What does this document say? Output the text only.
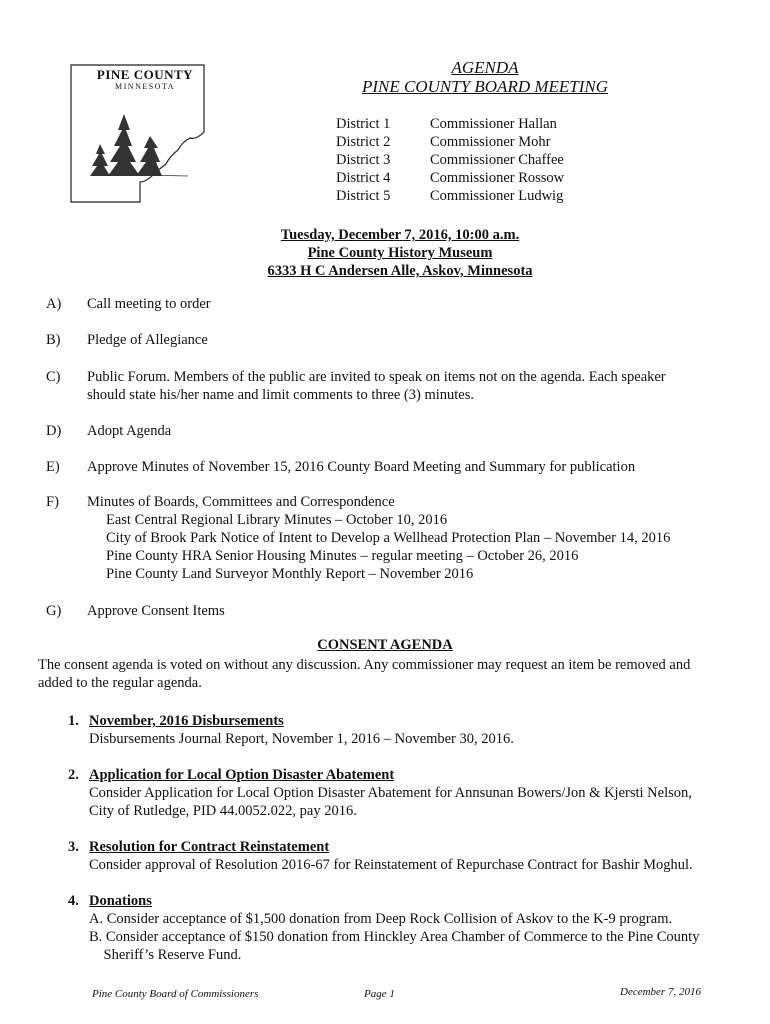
PINE COUNTY
MINNESOTA
AGENDA
PINE COUNTY BOARD MEETING
District 1	Commissioner Hallan
District 2	Commissioner Mohr
District 3	Commissioner Chaffee
District 4	Commissioner Rossow
District 5	Commissioner Ludwig
Tuesday, December 7, 2016, 10:00 a.m.
Pine County History Museum
6333 H C Andersen Alle, Askov, Minnesota
A) Call meeting to order
B) Pledge of Allegiance
C) Public Forum. Members of the public are invited to speak on items not on the agenda. Each speaker
should state his/her name and limit comments to three (3) minutes.
D) Adopt Agenda
E) Approve Minutes of November 15, 2016 County Board Meeting and Summary for publication
F) Minutes of Boards, Committees and Correspondence
East Central Regional Library Minutes – October 10, 2016
City of Brook Park Notice of Intent to Develop a Wellhead Protection Plan – November 14, 2016
Pine County HRA Senior Housing Minutes – regular meeting – October 26, 2016
Pine County Land Surveyor Monthly Report – November 2016
G) Approve Consent Items
CONSENT AGENDA
The consent agenda is voted on without any discussion. Any commissioner may request an item be removed and
added to the regular agenda.
1. November, 2016 Disbursements
Disbursements Journal Report, November 1, 2016 – November 30, 2016.
2. Application for Local Option Disaster Abatement
Consider Application for Local Option Disaster Abatement for Annsunan Bowers/Jon & Kjersti Nelson,
City of Rutledge, PID 44.0052.022, pay 2016.
3. Resolution for Contract Reinstatement
Consider approval of Resolution 2016-67 for Reinstatement of Repurchase Contract for Bashir Moghul.
4. Donations
A. Consider acceptance of $1,500 donation from Deep Rock Collision of Askov to the K-9 program.
B. Consider acceptance of $150 donation from Hinckley Area Chamber of Commerce to the Pine County
Sheriff’s Reserve Fund.
Pine County Board of Commissioners	Page 1	December 7, 2016
